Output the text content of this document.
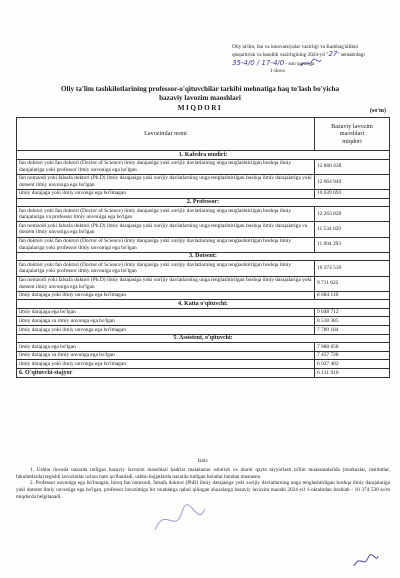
Oliy ta'lim, fan va innovatsiyalar vazirligi va Kambag'allikni
qisqartirish va bandlik vazirligining 2024-yil "27" sentabrdagi
35-4/0 / 17-4/0 - son qaroriga
1-ilova
Oliy ta'lim tashkilotlarining professor-o'qituvchilar tarkibi mehnatiga haq to'lash bo'yicha
bazaviy lavozim maoshlari
MIQDORI	(so'm)
Lavozimlar nomi	Bazaviy lavozim
maoshlari
miqdori

1. Kafedra mudiri:	
fan doktori yoki fan doktori (Doctor of Science) ilmiy darajasiga yoki xorijiy davlatlarning unga tenglashtirilgan boshqa ilmiy darajalariga yoki professor ilmiy unvoniga ega bo'lgan	12 860 438
fan nomzodi yoki falsafa doktori (Ph.D) ilmiy darajasiga yoki xorijiy davlatlarning unga tenglashtirilgan boshqa ilmiy darajalariga yoki dotsent ilmiy unvoniga ega bo'lgan	12 064 949
ilmiy darajaga yoki ilmiy unvonga ega bo'lmagan	10 639 693
2. Professor:	
fan doktori yoki fan doktori (Doctor of Science) ilmiy darajasiga yoki xorijiy davlatlarning unga tenglashtirilgan boshqa ilmiy darajalariga va professor ilmiy unvoniga ega bo'lgan	12 263 820
fan nomzodi yoki falsafa doktori (Ph.D) ilmiy darajasiga yoki xorijiy davlatlarning unga tenglashtirilgan boshqa ilmiy darajalariga va dotsent ilmiy unvoniga ega bo'lgan	11 534 620
fan doktori yoki fan doktori (Doctor of Science) ilmiy darajasiga yoki xorijiy davlatlarning unga tenglashtirilgan boshqa ilmiy darajalariga yoki professor ilmiy unvoniga ega bo'lgan	11 004 293
3. Dotsent:	
fan doktori yoki fan doktori (Doctor of Science) ilmiy darajasiga yoki xorijiy davlatlarning unga tenglashtirilgan boshqa ilmiy darajalariga yoki professor ilmiy unvoniga ega bo'lgan	10 374 530
fan nomzodi yoki falsafa doktori (Ph.D) ilmiy darajasiga yoki xorijiy davlatlarning unga tenglashtirilgan boshqa ilmiy darajalariga yoki dotsent ilmiy unvoniga ega bo'lgan	9 711 622
ilmiy darajaga yoki ilmiy unvonga ega bo'lmagan	8 684 110
4. Katta o'qituvchi:	
ilmiy darajaga ega bo'lgan	9 048 712
ilmiy darajaga va ilmiy unvonga ega bo'lgan	8 518 385
ilmiy darajaga yoki ilmiy unvonga ega bo'lmagan	7 789 184
5. Assistent, o'qituvchi:	
ilmiy darajaga ega bo'lgan	7 988 058
ilmiy darajaga va ilmiy unvonga ega bo'lgan	7 457 728
ilmiy darajaga yoki ilmiy unvonga ega bo'lmagan	6 927 402
6. O'qituvchi-stajyor	6 131 910
Izoh:

1. Ushbu ilovada nazarda tutilgan bazaviy lavozim maoshlari kadrlar malakasini oshirish va ularni qayta tayyorlash ta'lim muassasalarida (markazlar, institutlar, fakultetlarda) tegishli lavozimlar uchun ham qo'llaniladi, ushbu hujjatlarda nazarda tutilgan holatlar bundan mustasno.

2. Professor unvoniga ega bo'lmagan, biroq fan nomzodi, falsafa doktori (PhD) ilmiy darajasiga yoki xorijiy davlatlarning unga tenglashtirilgan boshqa ilmiy darajalariga yoki dotsent ilmiy unvoniga ega bo'lgan, professor lavozimiga bir muddatga qabul qilingan shaxslarga bazaviy lavozim maoshi 2024-yil 1-oktabrdan boshlab - 10 374 530 so'm miqdorda belgilanadi.
